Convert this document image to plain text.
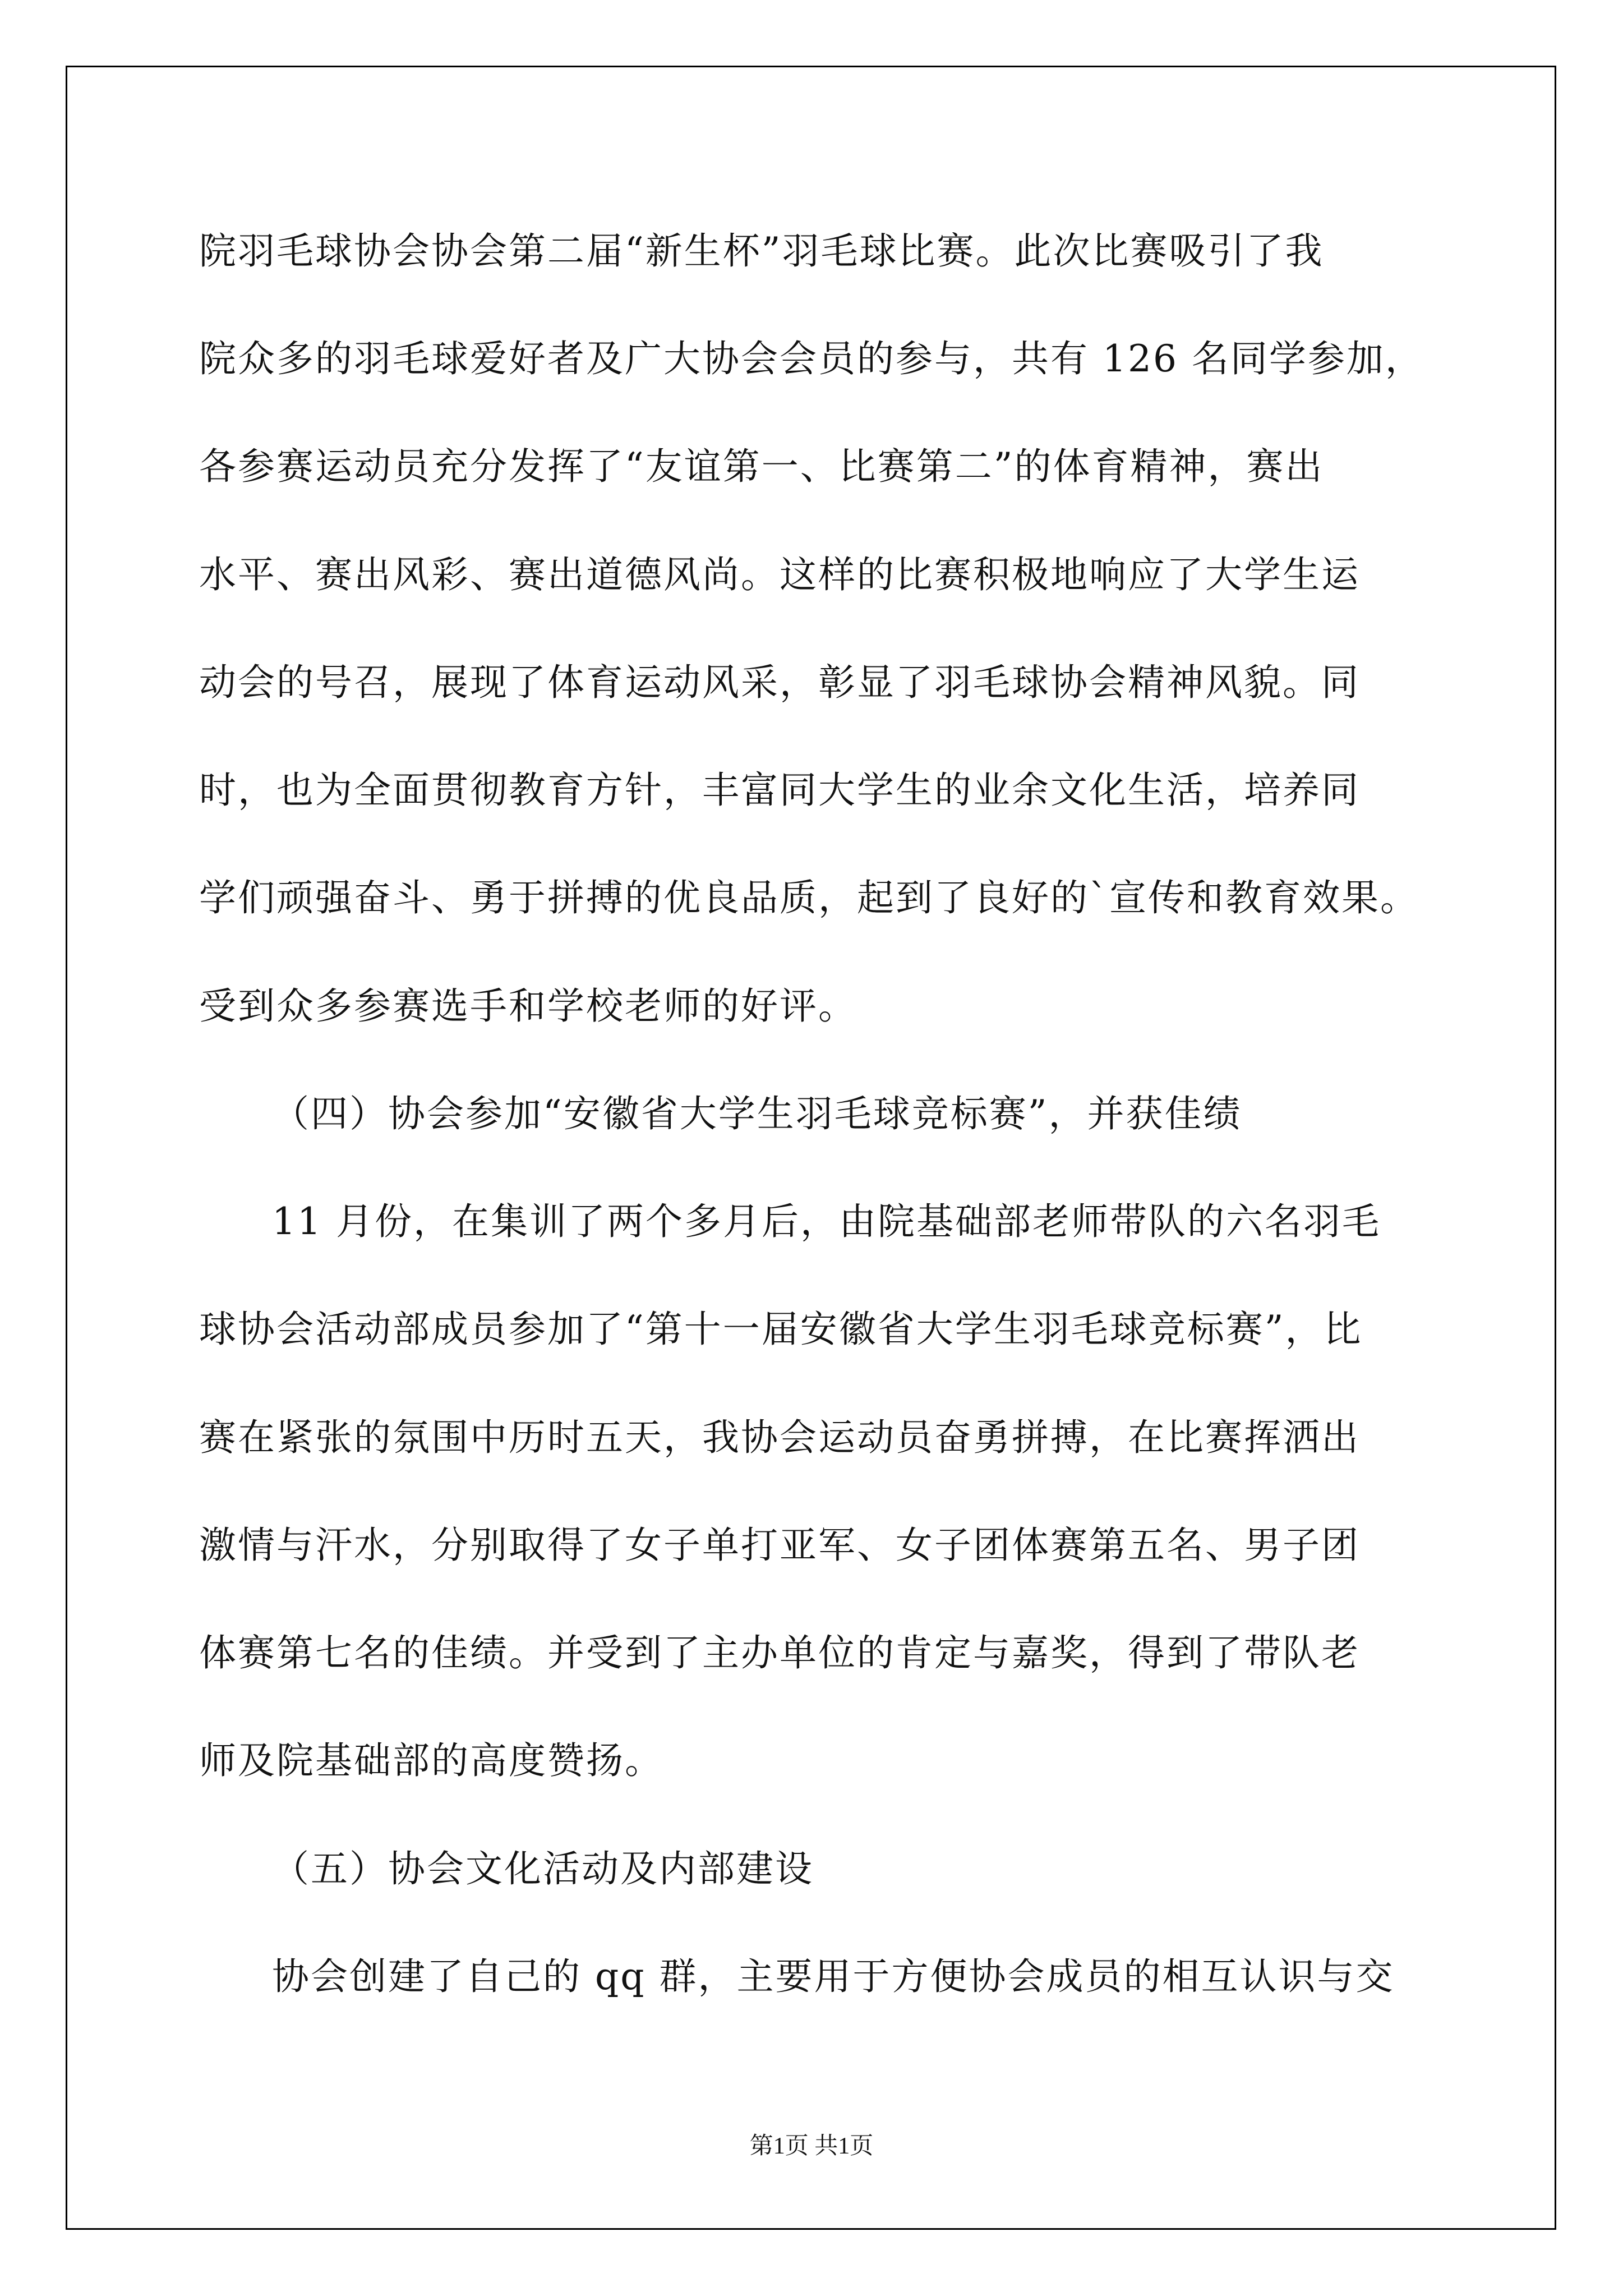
院羽毛球协会协会第二届“新生杯”羽毛球比赛。此次比赛吸引了我
院众多的羽毛球爱好者及广大协会会员的参与，共有 126 名同学参加，
各参赛运动员充分发挥了“友谊第一、比赛第二”的体育精神，赛出
水平、赛出风彩、赛出道德风尚。这样的比赛积极地响应了大学生运
动会的号召，展现了体育运动风采，彰显了羽毛球协会精神风貌。同
时，也为全面贯彻教育方针，丰富同大学生的业余文化生活，培养同
学们顽强奋斗、勇于拼搏的优良品质，起到了良好的`宣传和教育效果。
受到众多参赛选手和学校老师的好评。
（四）协会参加“安徽省大学生羽毛球竞标赛”，并获佳绩
11 月份，在集训了两个多月后，由院基础部老师带队的六名羽毛
球协会活动部成员参加了“第十一届安徽省大学生羽毛球竞标赛”，比
赛在紧张的氛围中历时五天，我协会运动员奋勇拼搏，在比赛挥洒出
激情与汗水，分别取得了女子单打亚军、女子团体赛第五名、男子团
体赛第七名的佳绩。并受到了主办单位的肯定与嘉奖，得到了带队老
师及院基础部的高度赞扬。
（五）协会文化活动及内部建设
协会创建了自己的 qq 群，主要用于方便协会成员的相互认识与交
第1页 共1页
